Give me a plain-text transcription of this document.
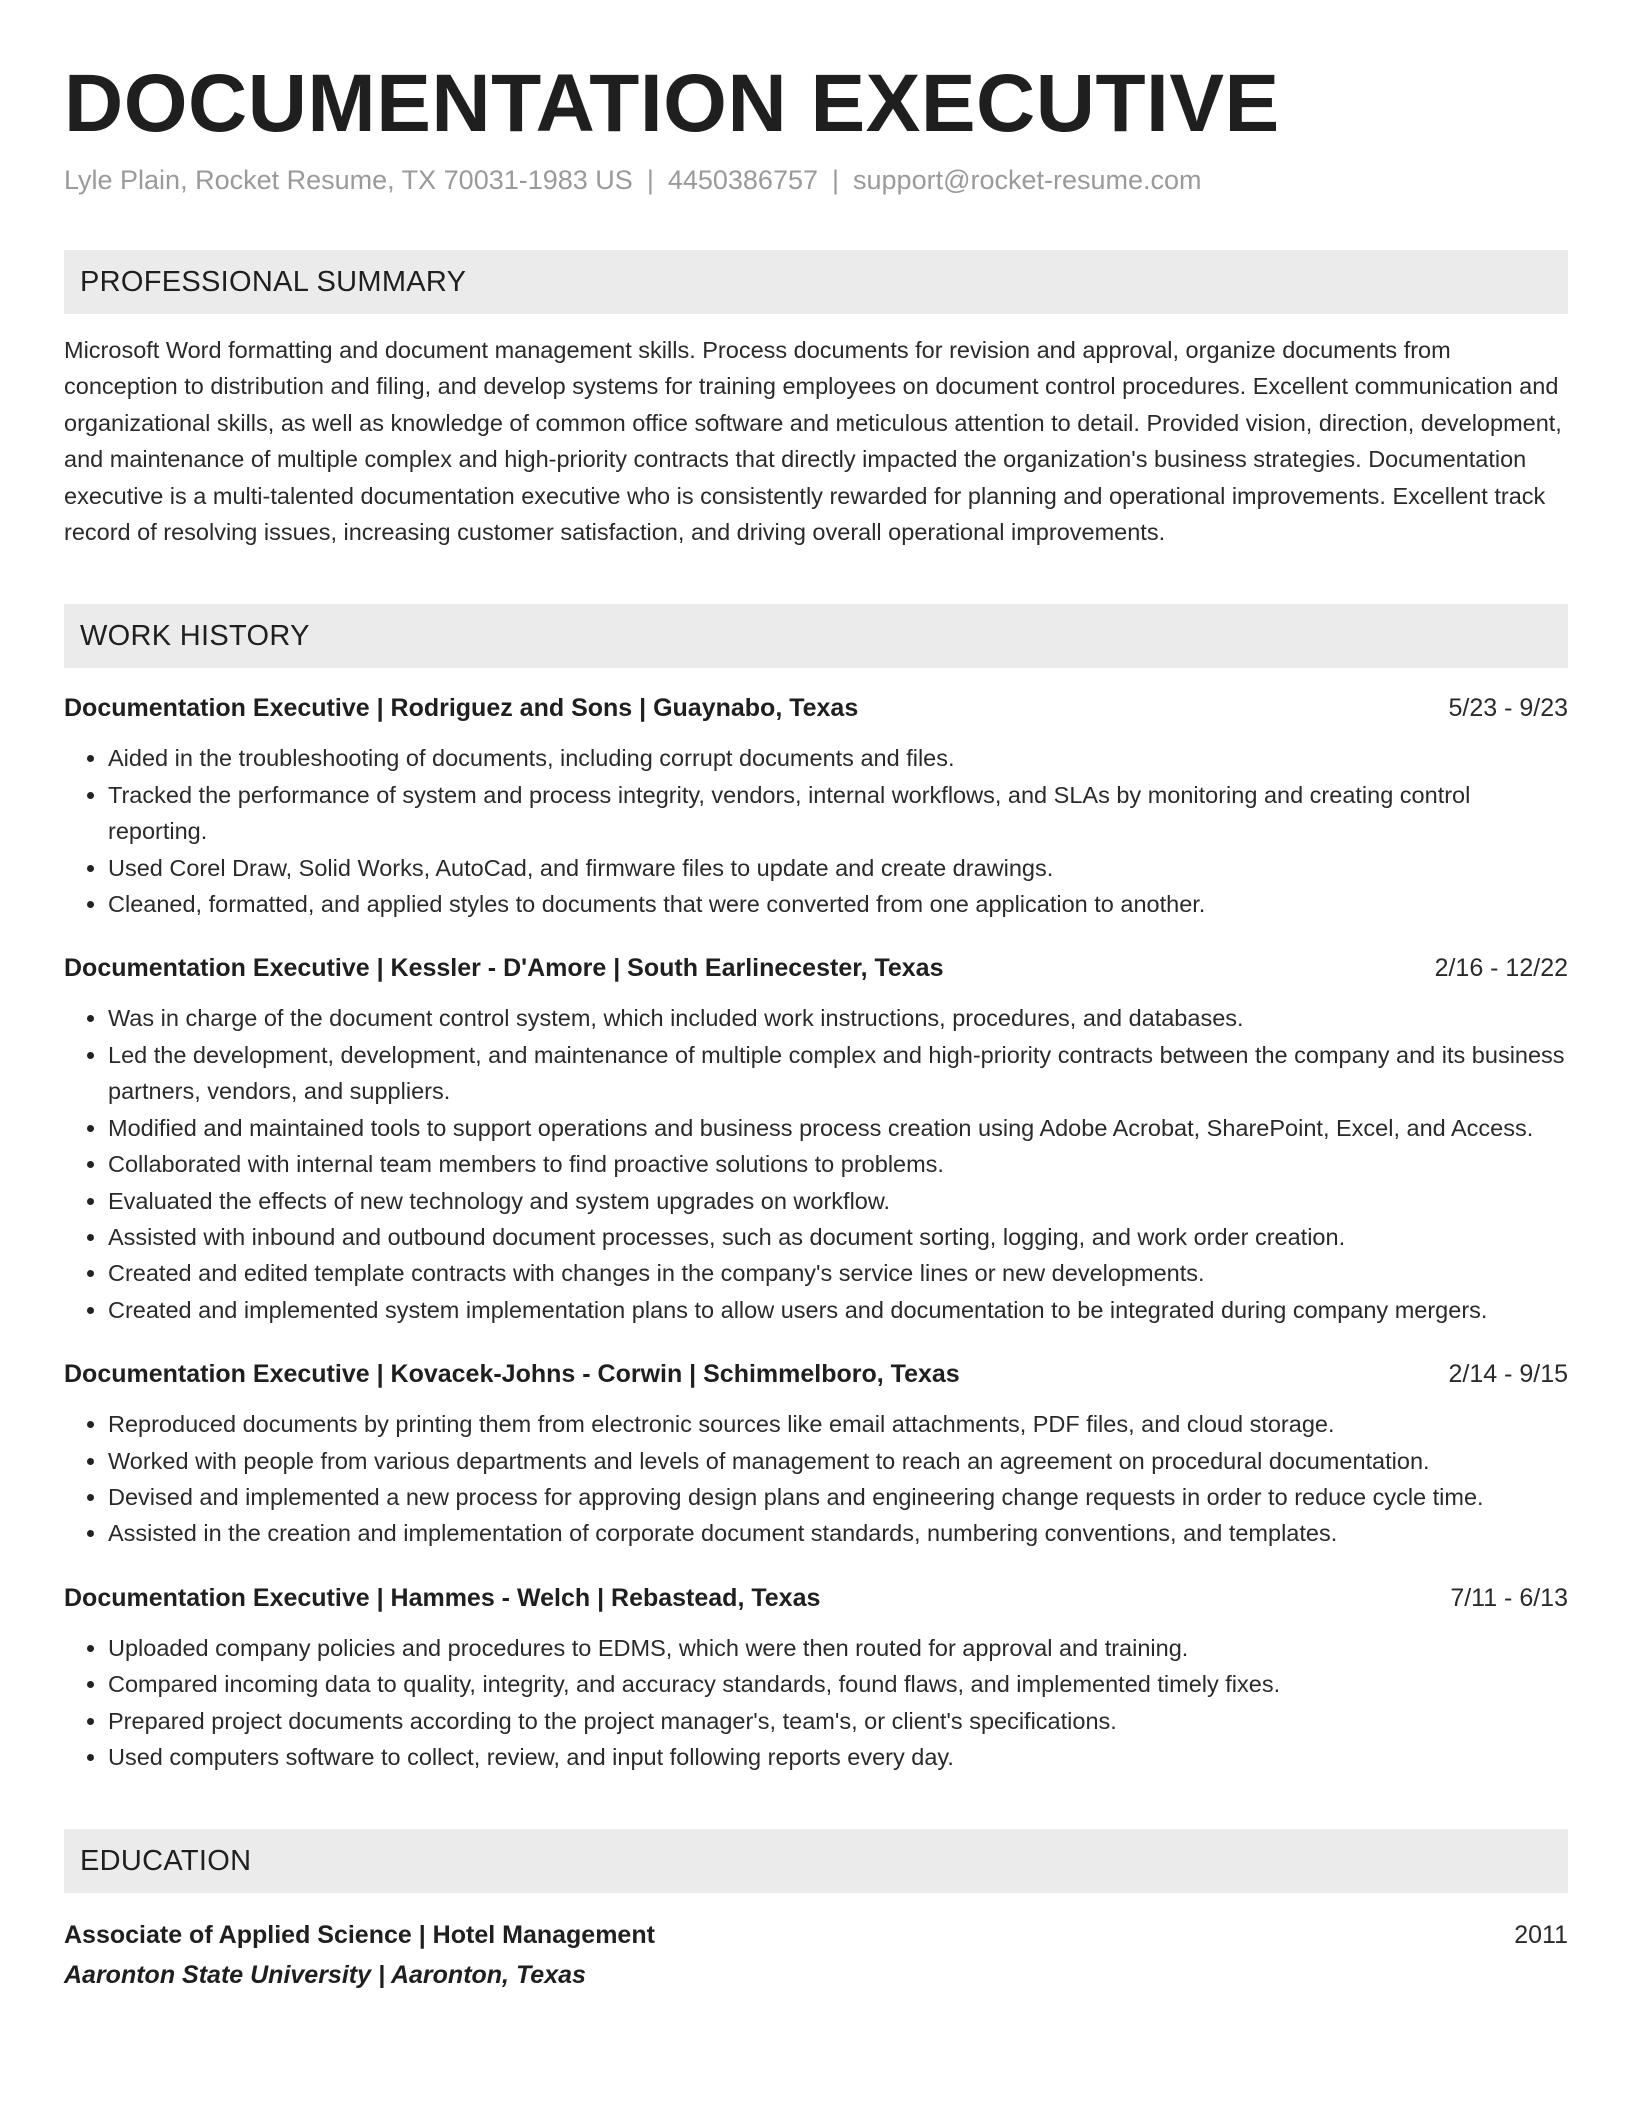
DOCUMENTATION EXECUTIVE
Lyle Plain, Rocket Resume, TX 70031-1983 US | 4450386757 | support@rocket-resume.com
PROFESSIONAL SUMMARY

Microsoft Word formatting and document management skills. Process documents for revision and approval, organize documents from conception to distribution and filing, and develop systems for training employees on document control procedures. Excellent communication and organizational skills, as well as knowledge of common office software and meticulous attention to detail. Provided vision, direction, development, and maintenance of multiple complex and high-priority contracts that directly impacted the organization's business strategies. Documentation executive is a multi-talented documentation executive who is consistently rewarded for planning and operational improvements. Excellent track record of resolving issues, increasing customer satisfaction, and driving overall operational improvements.

WORK HISTORY
Documentation Executive | Rodriguez and Sons | Guaynabo, Texas	5/23 - 9/23
• Aided in the troubleshooting of documents, including corrupt documents and files.
• Tracked the performance of system and process integrity, vendors, internal workflows, and SLAs by monitoring and creating control reporting.
• Used Corel Draw, Solid Works, AutoCad, and firmware files to update and create drawings.
• Cleaned, formatted, and applied styles to documents that were converted from one application to another.
Documentation Executive | Kessler - D'Amore | South Earlinecester, Texas	2/16 - 12/22
• Was in charge of the document control system, which included work instructions, procedures, and databases.
• Led the development, development, and maintenance of multiple complex and high-priority contracts between the company and its business partners, vendors, and suppliers.
• Modified and maintained tools to support operations and business process creation using Adobe Acrobat, SharePoint, Excel, and Access.
• Collaborated with internal team members to find proactive solutions to problems.
• Evaluated the effects of new technology and system upgrades on workflow.
• Assisted with inbound and outbound document processes, such as document sorting, logging, and work order creation.
• Created and edited template contracts with changes in the company's service lines or new developments.
• Created and implemented system implementation plans to allow users and documentation to be integrated during company mergers.
Documentation Executive | Kovacek-Johns - Corwin | Schimmelboro, Texas	2/14 - 9/15
• Reproduced documents by printing them from electronic sources like email attachments, PDF files, and cloud storage.
• Worked with people from various departments and levels of management to reach an agreement on procedural documentation.
• Devised and implemented a new process for approving design plans and engineering change requests in order to reduce cycle time.
• Assisted in the creation and implementation of corporate document standards, numbering conventions, and templates.
Documentation Executive | Hammes - Welch | Rebastead, Texas	7/11 - 6/13
• Uploaded company policies and procedures to EDMS, which were then routed for approval and training.
• Compared incoming data to quality, integrity, and accuracy standards, found flaws, and implemented timely fixes.
• Prepared project documents according to the project manager's, team's, or client's specifications.
• Used computers software to collect, review, and input following reports every day.
EDUCATION
Associate of Applied Science | Hotel Management	2011
Aaronton State University | Aaronton, Texas
